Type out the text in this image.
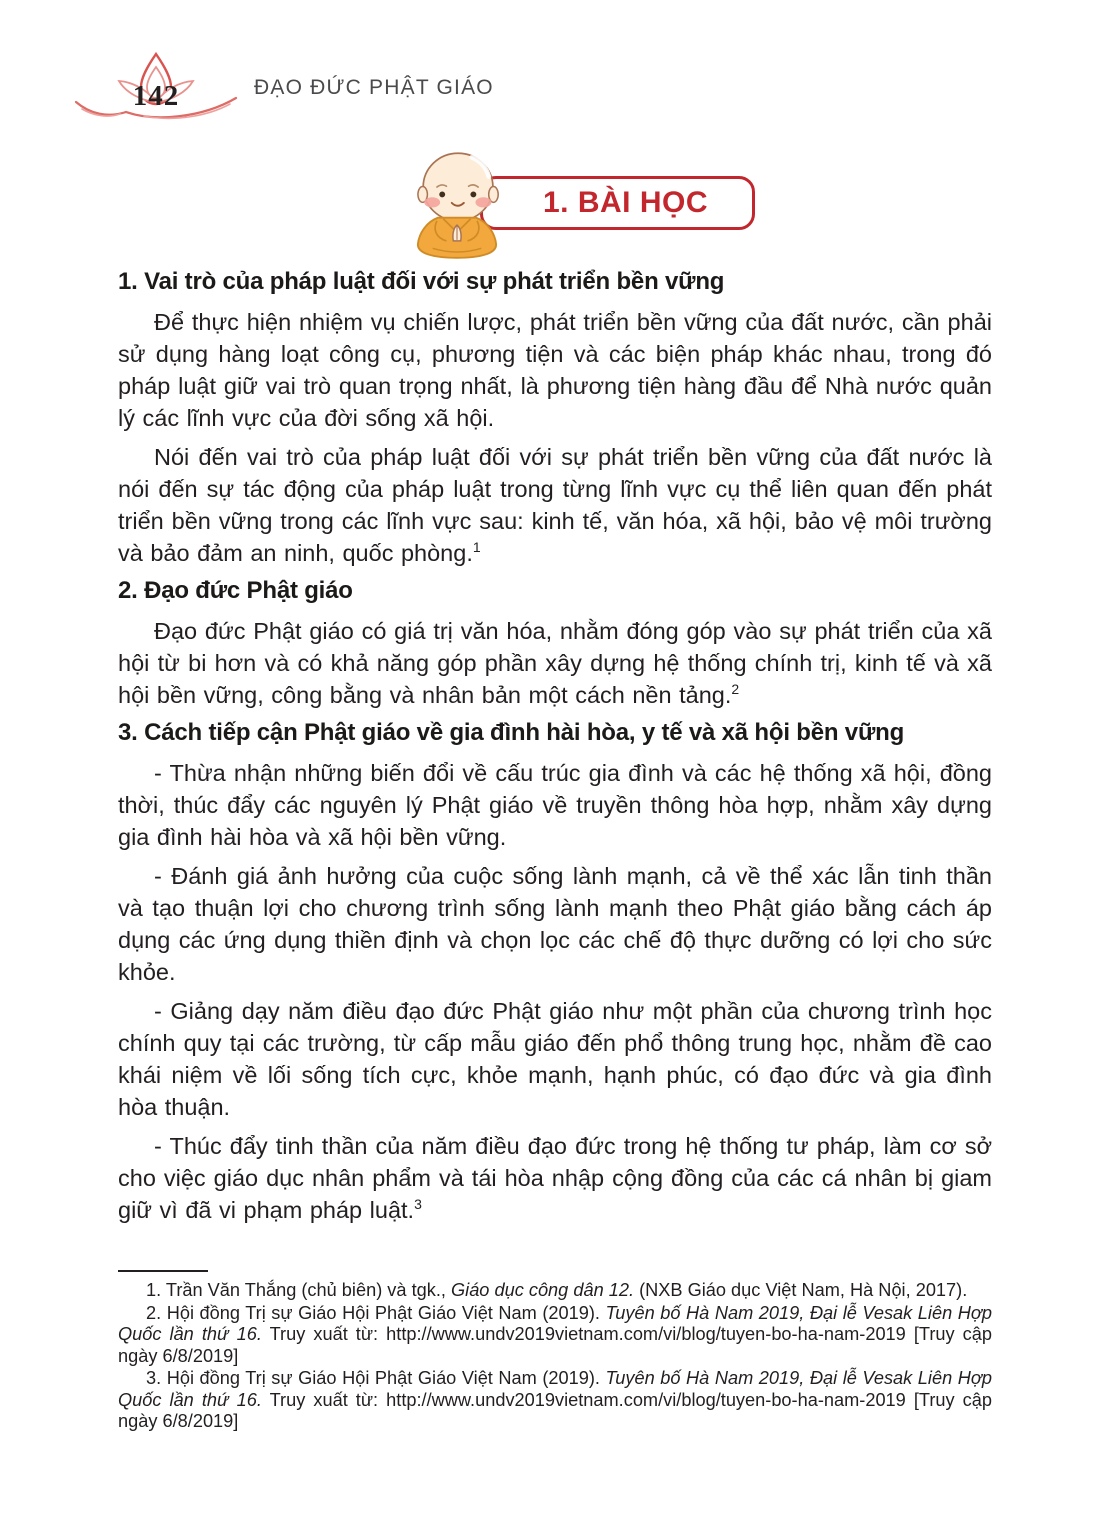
142	ĐẠO ĐỨC PHẬT GIÁO
1. BÀI HỌC
1. Vai trò của pháp luật đối với sự phát triển bền vững

Để thực hiện nhiệm vụ chiến lược, phát triển bền vững của đất nước, cần phải sử dụng hàng loạt công cụ, phương tiện và các biện pháp khác nhau, trong đó pháp luật giữ vai trò quan trọng nhất, là phương tiện hàng đầu để Nhà nước quản lý các lĩnh vực của đời sống xã hội.

Nói đến vai trò của pháp luật đối với sự phát triển bền vững của đất nước là nói đến sự tác động của pháp luật trong từng lĩnh vực cụ thể liên quan đến phát triển bền vững trong các lĩnh vực sau: kinh tế, văn hóa, xã hội, bảo vệ môi trường và bảo đảm an ninh, quốc phòng.$^1$

2. Đạo đức Phật giáo

Đạo đức Phật giáo có giá trị văn hóa, nhằm đóng góp vào sự phát triển của xã hội từ bi hơn và có khả năng góp phần xây dựng hệ thống chính trị, kinh tế và xã hội bền vững, công bằng và nhân bản một cách nền tảng.$^2$

3. Cách tiếp cận Phật giáo về gia đình hài hòa, y tế và xã hội bền vững

- Thừa nhận những biến đổi về cấu trúc gia đình và các hệ thống xã hội, đồng thời, thúc đẩy các nguyên lý Phật giáo về truyền thông hòa hợp, nhằm xây dựng gia đình hài hòa và xã hội bền vững.

- Đánh giá ảnh hưởng của cuộc sống lành mạnh, cả về thể xác lẫn tinh thần và tạo thuận lợi cho chương trình sống lành mạnh theo Phật giáo bằng cách áp dụng các ứng dụng thiền định và chọn lọc các chế độ thực dưỡng có lợi cho sức khỏe.

- Giảng dạy năm điều đạo đức Phật giáo như một phần của chương trình học chính quy tại các trường, từ cấp mẫu giáo đến phổ thông trung học, nhằm đề cao khái niệm về lối sống tích cực, khỏe mạnh, hạnh phúc, có đạo đức và gia đình hòa thuận.

- Thúc đẩy tinh thần của năm điều đạo đức trong hệ thống tư pháp, làm cơ sở cho việc giáo dục nhân phẩm và tái hòa nhập cộng đồng của các cá nhân bị giam giữ vì đã vi phạm pháp luật.$^3$

1. Trần Văn Thắng (chủ biên) và tgk., Giáo dục công dân 12. (NXB Giáo dục Việt Nam, Hà Nội, 2017).

2. Hội đồng Trị sự Giáo Hội Phật Giáo Việt Nam (2019). Tuyên bố Hà Nam 2019, Đại lễ Vesak Liên Hợp Quốc lần thứ 16. Truy xuất từ: http://www.undv2019vietnam.com/vi/blog/tuyen-bo-ha-nam-2019 [Truy cập ngày 6/8/2019]

3. Hội đồng Trị sự Giáo Hội Phật Giáo Việt Nam (2019). Tuyên bố Hà Nam 2019, Đại lễ Vesak Liên Hợp Quốc lần thứ 16. Truy xuất từ: http://www.undv2019vietnam.com/vi/blog/tuyen-bo-ha-nam-2019 [Truy cập ngày 6/8/2019]
